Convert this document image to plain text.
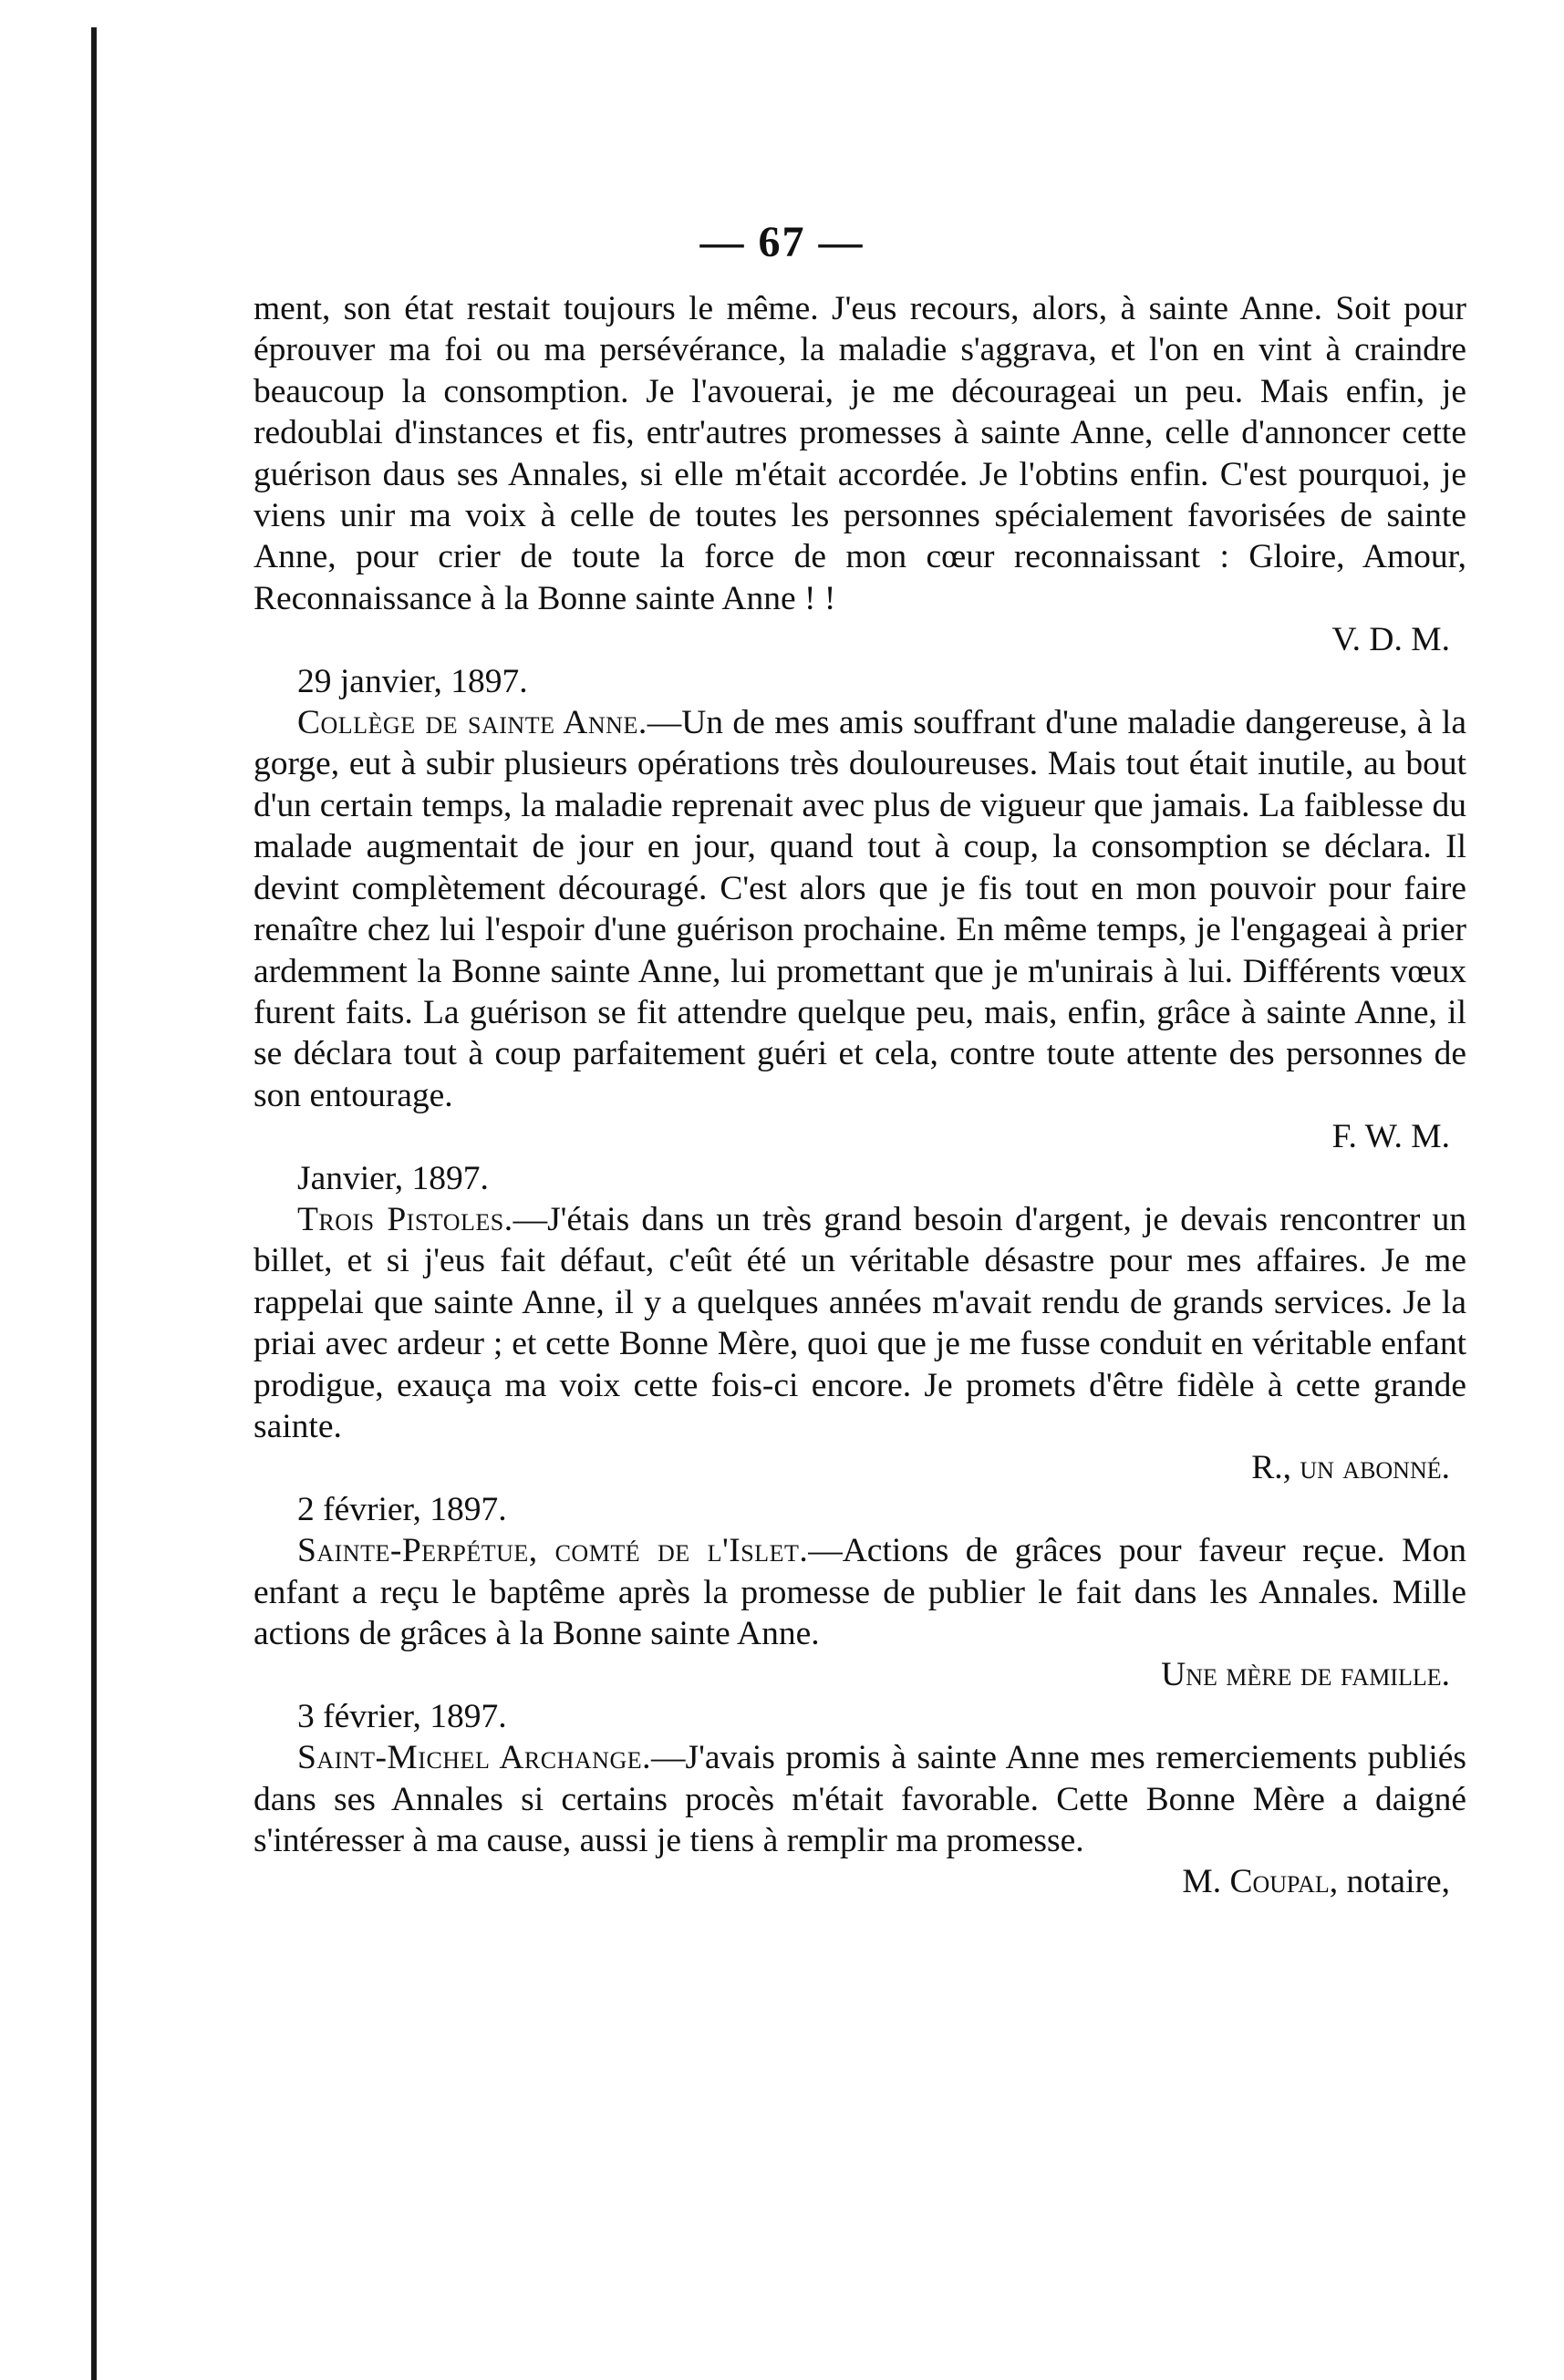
— 67 —

ment, son état restait toujours le même. J'eus recours, alors, à sainte Anne. Soit pour éprouver ma foi ou ma persévérance, la maladie s'aggrava, et l'on en vint à craindre beaucoup la consomption. Je l'avouerai, je me décourageai un peu. Mais enfin, je redoublai d'instances et fis, entr'autres promesses à sainte Anne, celle d'annoncer cette guérison daus ses Annales, si elle m'était accordée. Je l'obtins enfin. C'est pourquoi, je viens unir ma voix à celle de toutes les personnes spécialement favorisées de sainte Anne, pour crier de toute la force de mon cœur reconnaissant : Gloire, Amour, Reconnaissance à la Bonne sainte Anne ! !

V. D. M.

29 janvier, 1897.

Collège de sainte Anne.—Un de mes amis souffrant d'une maladie dangereuse, à la gorge, eut à subir plusieurs opérations très douloureuses. Mais tout était inutile, au bout d'un certain temps, la maladie reprenait avec plus de vigueur que jamais. La faiblesse du malade augmentait de jour en jour, quand tout à coup, la consomption se déclara. Il devint complètement découragé. C'est alors que je fis tout en mon pouvoir pour faire renaître chez lui l'espoir d'une guérison prochaine. En même temps, je l'engageai à prier ardemment la Bonne sainte Anne, lui promettant que je m'unirais à lui. Différents vœux furent faits. La guérison se fit attendre quelque peu, mais, enfin, grâce à sainte Anne, il se déclara tout à coup parfaitement guéri et cela, contre toute attente des personnes de son entourage.

F. W. M.

Janvier, 1897.

Trois Pistoles.—J'étais dans un très grand besoin d'argent, je devais rencontrer un billet, et si j'eus fait défaut, c'eût été un véritable désastre pour mes affaires. Je me rappelai que sainte Anne, il y a quelques années m'avait rendu de grands services. Je la priai avec ardeur ; et cette Bonne Mère, quoi que je me fusse conduit en véritable enfant prodigue, exauça ma voix cette fois-ci encore. Je promets d'être fidèle à cette grande sainte.

R., un abonné.

2 février, 1897.

Sainte-Perpétue, comté de l'Islet.—Actions de grâces pour faveur reçue. Mon enfant a reçu le baptême après la promesse de publier le fait dans les Annales. Mille actions de grâces à la Bonne sainte Anne.

Une mère de famille.

3 février, 1897.

Saint-Michel Archange.—J'avais promis à sainte Anne mes remerciements publiés dans ses Annales si certains procès m'était favorable. Cette Bonne Mère a daigné s'intéresser à ma cause, aussi je tiens à remplir ma promesse.

M. Coupal, notaire,
